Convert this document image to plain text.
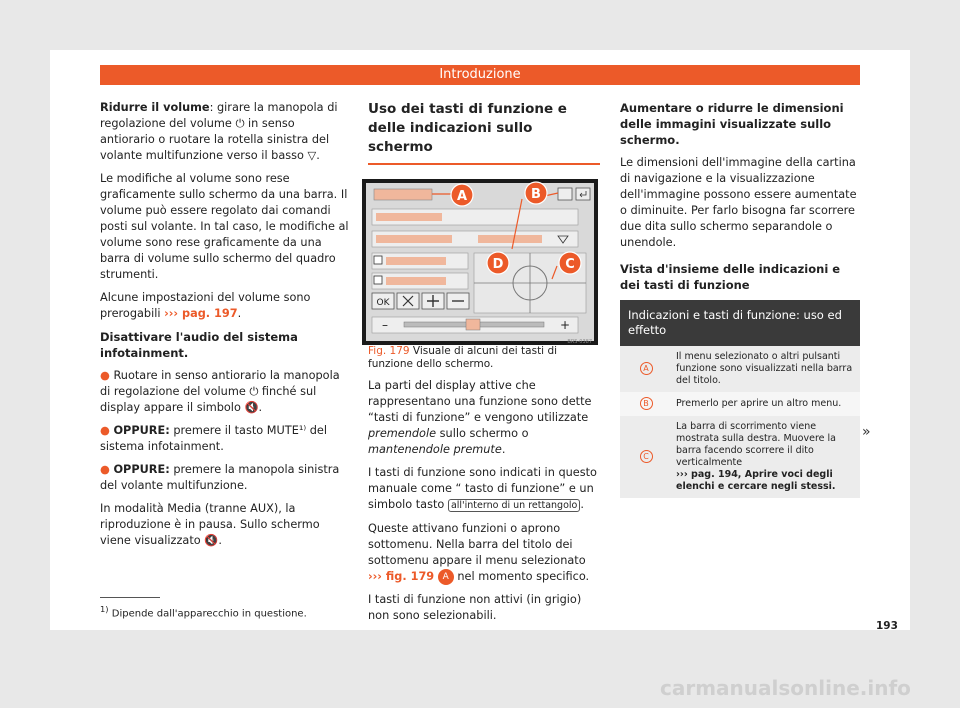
Introduzione

Ridurre il volume: girare la manopola di regolazione del volume ⏻ in senso antiorario o ruotare la rotella sinistra del volante multifunzione verso il basso ▽.

Le modifiche al volume sono rese graficamente sullo schermo da una barra. Il volume può essere regolato dai comandi posti sul volante. In tal caso, le modifiche al volume sono rese graficamente da una barra di volume sullo schermo del quadro strumenti.

Alcune impostazioni del volume sono prerogabili ››› pag. 197.

Disattivare l'audio del sistema infotainment.

● Ruotare in senso antiorario la manopola di regolazione del volume ⏻ finché sul display appare il simbolo 🔇.

● OPPURE: premere il tasto MUTE¹⁾ del sistema infotainment.

● OPPURE: premere la manopola sinistra del volante multifunzione.

In modalità Media (tranne AUX), la riproduzione è in pausa. Sullo schermo viene visualizzato 🔇.

Uso dei tasti di funzione e delle indicazioni sullo schermo
OK
–	+
A	B
C
D
BRS-0387

Fig. 179 Visuale di alcuni dei tasti di funzione dello schermo.

La parti del display attive che rappresentano una funzione sono dette “tasti di funzione” e vengono utilizzate premendole sullo schermo o mantenendole premute.

I tasti di funzione sono indicati in questo manuale come “ tasto di funzione” e un simbolo tasto all'interno di un rettangolo .

Queste attivano funzioni o aprono sottomenu. Nella barra del titolo dei sottomenu appare il menu selezionato ››› fig. 179 A nel momento specifico.

I tasti di funzione non attivi (in grigio) non sono selezionabili.

Aumentare o ridurre le dimensioni delle immagini visualizzate sullo schermo.

Le dimensioni dell'immagine della cartina di navigazione e la visualizzazione dell'immagine possono essere aumentate o diminuite. Per farlo bisogna far scorrere due dita sullo schermo separandole o unendole.

Vista d'insieme delle indicazioni e dei tasti di funzione

Indicazioni e tasti di funzione: uso ed effetto	
A	Il menu selezionato o altri pulsanti funzione sono visualizzati nella barra del titolo.
B	Premerlo per aprire un altro menu.
C	La barra di scorrimento viene mostrata sulla destra. Muovere la barra facendo scorrere il dito verticalmente
››› pag. 194, Aprire voci degli elenchi e cercare negli stessi.
»
$^{1)}$ Dipende dall'apparecchio in questione.
193
carmanualsonline.info
